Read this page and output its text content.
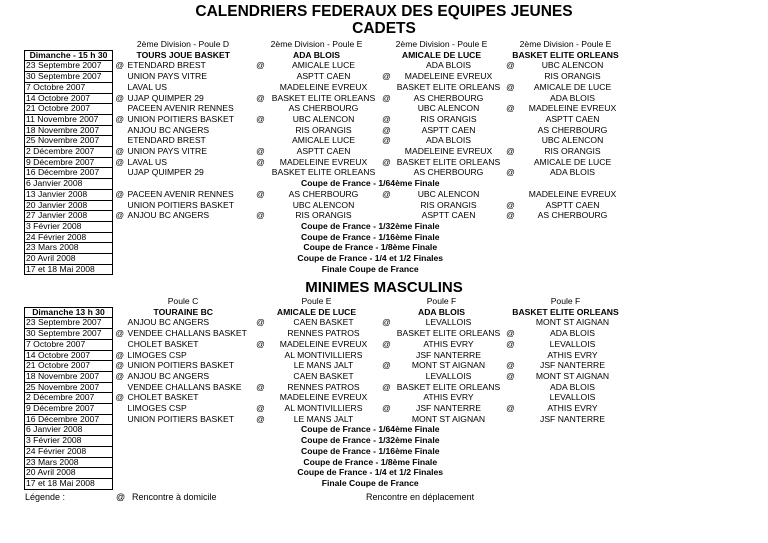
CALENDRIERS FEDERAUX DES EQUIPES JEUNES
CADETS
	2ème Division - Poule D		2ème Division - Poule E		2ème Division - Poule E		2ème Division - Poule E	
Dimanche - 15 h 30	TOURS JOUE BASKET		ADA BLOIS		AMICALE DE LUCE		BASKET ELITE ORLEANS	
23 Septembre 2007	@	ETENDARD BREST	@	AMICALE LUCE		ADA BLOIS	@	UBC ALENCON
30 Septembre 2007		UNION PAYS VITRE		ASPTT CAEN	@	MADELEINE EVREUX		RIS ORANGIS
7 Octobre 2007		LAVAL US		MADELEINE EVREUX		BASKET ELITE ORLEANS	@	AMICALE DE LUCE
14 Octobre 2007	@	UJAP QUIMPER 29	@	BASKET ELITE ORLEANS	@	AS CHERBOURG		ADA BLOIS
21 Octobre 2007		PACEEN AVENIR RENNES		AS CHERBOURG		UBC ALENCON	@	MADELEINE EVREUX
11 Novembre 2007	@	UNION POITIERS BASKET	@	UBC ALENCON	@	RIS ORANGIS		ASPTT CAEN
18 Novembre 2007		ANJOU BC ANGERS		RIS ORANGIS	@	ASPTT CAEN		AS CHERBOURG
25 Novembre 2007		ETENDARD BREST		AMICALE LUCE	@	ADA BLOIS		UBC ALENCON
2 Décembre 2007	@	UNION PAYS VITRE	@	ASPTT CAEN		MADELEINE EVREUX	@	RIS ORANGIS
9 Décembre 2007	@	LAVAL US	@	MADELEINE EVREUX	@	BASKET ELITE ORLEANS		AMICALE DE LUCE
16 Décembre 2007		UJAP QUIMPER 29		BASKET ELITE ORLEANS		AS CHERBOURG	@	ADA BLOIS
6 Janvier 2008	Coupe de France - 1/64ème Finale							
13 Janvier 2008	@	PACEEN AVENIR RENNES	@	AS CHERBOURG	@	UBC ALENCON		MADELEINE EVREUX
20 Janvier 2008		UNION POITIERS BASKET		UBC ALENCON		RIS ORANGIS	@	ASPTT CAEN
27 Janvier 2008	@	ANJOU BC ANGERS	@	RIS ORANGIS		ASPTT CAEN	@	AS CHERBOURG
3 Février 2008	Coupe de France - 1/32ème Finale							
24 Février 2008	Coupe de France - 1/16ème Finale							
23 Mars 2008	Coupe de France - 1/8ème Finale							
20 Avril 2008	Coupe de France - 1/4 et 1/2 Finales							
17 et 18 Mai 2008	Finale Coupe de France							
MINIMES MASCULINS
	Poule C		Poule E		Poule F		Poule F	
Dimanche 13 h 30	TOURAINE BC		AMICALE DE LUCE		ADA BLOIS		BASKET ELITE ORLEANS	
23 Septembre 2007		ANJOU BC ANGERS	@	CAEN BASKET	@	LEVALLOIS		MONT ST AIGNAN
30 Septembre 2007	@	VENDEE CHALLANS BASKET		RENNES PATROS		BASKET ELITE ORLEANS	@	ADA BLOIS
7 Octobre 2007		CHOLET BASKET	@	MADELEINE EVREUX	@	ATHIS EVRY	@	LEVALLOIS
14 Octobre 2007	@	LIMOGES CSP		AL MONTIVILLIERS		JSF NANTERRE		ATHIS EVRY
21 Octobre 2007	@	UNION POITIERS BASKET		LE MANS JALT	@	MONT ST AIGNAN	@	JSF NANTERRE
18 Novembre 2007	@	ANJOU BC ANGERS		CAEN BASKET		LEVALLOIS	@	MONT ST AIGNAN
25 Novembre 2007		VENDEE CHALLANS BASKE	@	RENNES PATROS	@	BASKET ELITE ORLEANS		ADA BLOIS
2 Décembre 2007	@	CHOLET BASKET		MADELEINE EVREUX		ATHIS EVRY		LEVALLOIS
9 Décembre 2007		LIMOGES CSP	@	AL MONTIVILLIERS	@	JSF NANTERRE	@	ATHIS EVRY
16 Décembre 2007		UNION POITIERS BASKET	@	LE MANS JALT		MONT ST AIGNAN		JSF NANTERRE
6 Janvier 2008	Coupe de France - 1/64ème Finale							
3 Février 2008	Coupe de France - 1/32ème Finale							
24 Février 2008	Coupe de France - 1/16ème Finale							
23 Mars 2008	Coupe de France - 1/8ème Finale							
20 Avril 2008	Coupe de France - 1/4 et 1/2 Finales							
17 et 18 Mai 2008	Finale Coupe de France							
Légende :	@ Rencontre à domicile	Rencontre en déplacement
